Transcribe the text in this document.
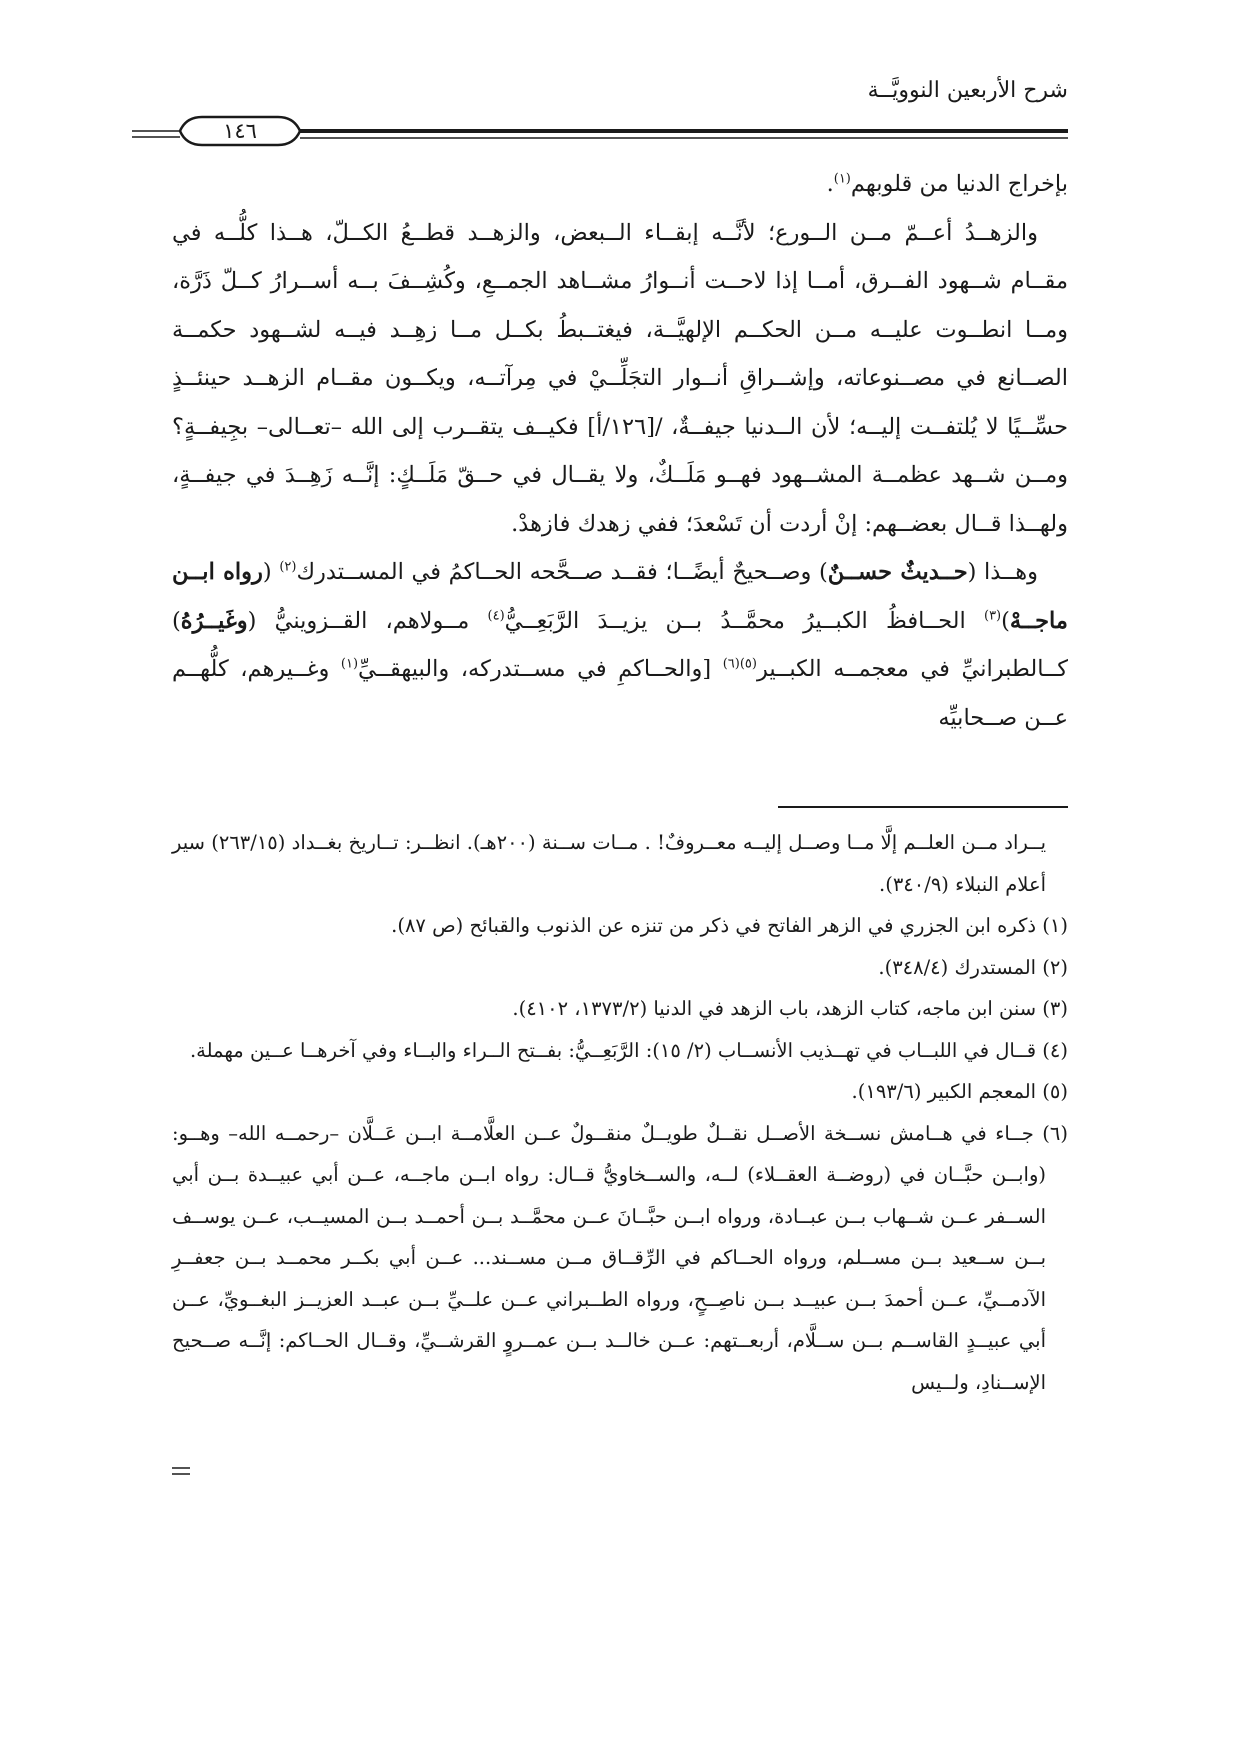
شرح الأربعين النوويَّــة
١٤٦

بإخراج الدنيا من قلوبهم$^{(١)}$.

والزهــدُ أعــمّ مــن الــورع؛ لأنَّــه إبقــاء الــبعض، والزهــد قطــعُ الكــلّ، هــذا كلُّــه في مقــام شــهود الفــرق، أمــا إذا لاحــت أنــوارُ مشــاهد الجمــعِ، وكُشِــفَ بــه أســرارُ كــلّ ذَرَّة، ومــا انطــوت عليــه مــن الحكــم الإلهيَّــة، فيغتــبطُ بكــل مــا زهِــد فيــه لشــهود حكمــة الصــانع في مصــنوعاته، وإشــراقِ أنــوار التجَلِّــيْ في مِرآتــه، ويكــون مقــام الزهــد حينئــذٍ حسِّــيًا لا يُلتفــت إليــه؛ لأن الــدنيا جيفــةٌ، /[١٢٦/أ] فكيــف يتقــرب إلى الله –تعــالى– بجِيفــةٍ؟ ومــن شــهد عظمــة المشــهود فهــو مَلَــكٌ، ولا يقــال في حــقّ مَلَــكٍ: إنَّــه زَهِــدَ في جيفــةٍ، ولهــذا قــال بعضــهم: إنْ أردت أن تَسْعدَ؛ ففي زهدك فازهدْ.

وهــذا (حــديثٌ حســنٌ) وصــحيحٌ أيضًــا؛ فقــد صــحَّحه الحــاكمُ في المســتدرك$^{(٢)}$ (رواه ابــن ماجــهْ)$^{(٣)}$ الحــافظُ الكبــيرُ محمَّــدُ بــن يزيــدَ الرَّبَعِــيُّ$^{(٤)}$ مــولاهم، القــزوينيُّ (وغَيــرُهُ) كــالطبرانيِّ في معجمــه الكبــير$^{(٥)(٦)}$ [والحــاكمِ في مســتدركه، والبيهقــيِّ$^{(١)}$ وغــيرهم، كلُّهــم عــن صــحابيِّه

يــراد مــن العلــم إلَّا مــا وصــل إليــه معــروفٌ! . مــات ســنة (٢٠٠هـ). انظــر: تــاريخ بغــداد (٢٦٣/١٥) سير أعلام النبلاء (٣٤٠/٩).

(١) ذكره ابن الجزري في الزهر الفاتح في ذكر من تنزه عن الذنوب والقبائح (ص ٨٧).

(٢) المستدرك (٣٤٨/٤).

(٣) سنن ابن ماجه، كتاب الزهد، باب الزهد في الدنيا (١٣٧٣/٢، ٤١٠٢).

(٤) قــال في اللبــاب في تهــذيب الأنســاب (٢/ ١٥): الرَّبَعِــيُّ: بفــتح الــراء والبــاء وفي آخرهــا عــين مهملة.

(٥) المعجم الكبير (١٩٣/٦).

(٦) جــاء في هــامش نســخة الأصــل نقــلٌ طويــلٌ منقــولٌ عــن العلَّامــة ابــن عَــلَّان –رحمــه الله– وهــو: (وابــن حبَّــان في (روضــة العقــلاء) لــه، والســخاويُّ قــال: رواه ابــن ماجــه، عــن أبي عبيــدة بــن أبي الســفر عــن شــهاب بــن عبــادة، ورواه ابــن حبَّــانَ عــن محمَّــد بــن أحمــد بــن المسيــب، عــن يوســف بــن ســعيد بــن مســلم، ورواه الحــاكم في الرِّقــاق مــن مســند... عــن أبي بكــر محمــد بــن جعفــرِ الآدمــيِّ، عــن أحمدَ بــن عبيــد بــن ناصِــحٍ، ورواه الطــبراني عــن علــيِّ بــن عبــد العزيــز البغــويِّ، عــن أبي عبيــدٍ القاســم بــن ســلَّام، أربعــتهم: عــن خالــد بــن عمــروٍ القرشــيِّ، وقــال الحــاكم: إنَّــه صــحيح الإســنادِ، ولــيس
